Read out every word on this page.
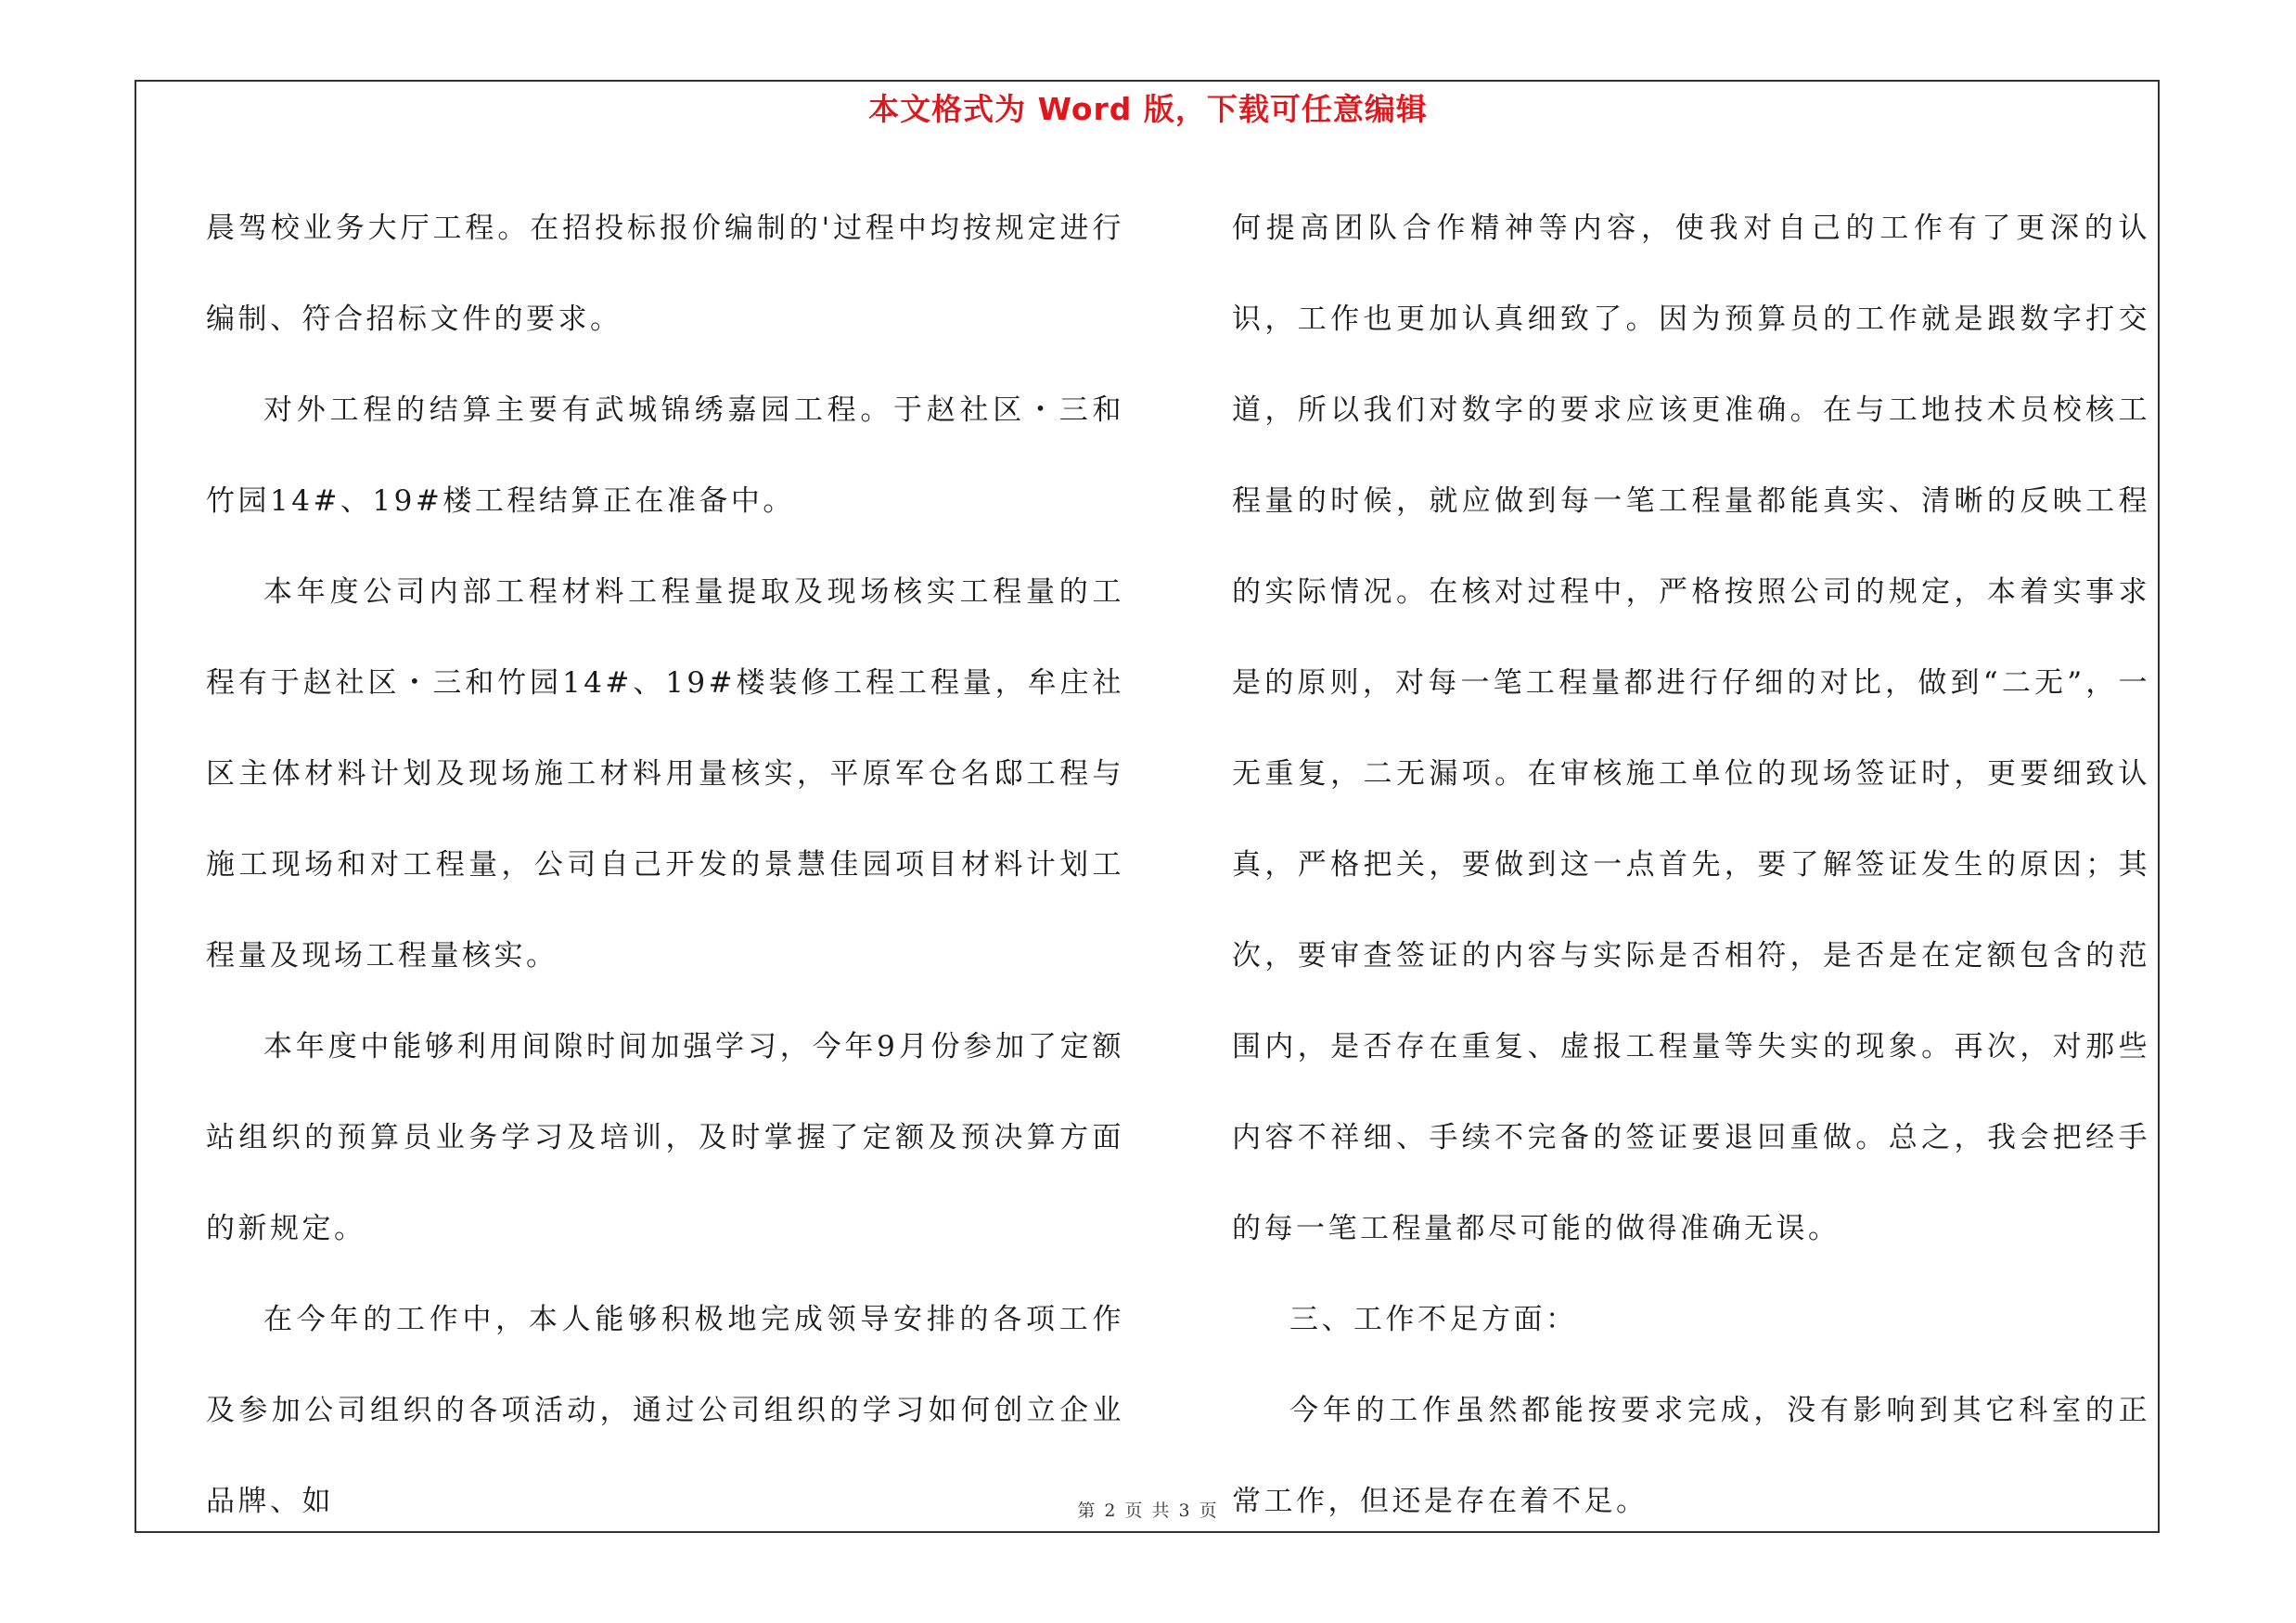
本文格式为 Word 版，下载可任意编辑

晨驾校业务大厅工程。在招投标报价编制的'过程中均按规定进行编制、符合招标文件的要求。

对外工程的结算主要有武城锦绣嘉园工程。于赵社区・三和竹园14#、19#楼工程结算正在准备中。

本年度公司内部工程材料工程量提取及现场核实工程量的工程有于赵社区・三和竹园14#、19#楼装修工程工程量，牟庄社区主体材料计划及现场施工材料用量核实，平原军仓名邸工程与施工现场和对工程量，公司自己开发的景慧佳园项目材料计划工程量及现场工程量核实。

本年度中能够利用间隙时间加强学习，今年9月份参加了定额站组织的预算员业务学习及培训，及时掌握了定额及预决算方面的新规定。

在今年的工作中，本人能够积极地完成领导安排的各项工作及参加公司组织的各项活动，通过公司组织的学习如何创立企业品牌、如

何提高团队合作精神等内容，使我对自己的工作有了更深的认识，工作也更加认真细致了。因为预算员的工作就是跟数字打交道，所以我们对数字的要求应该更准确。在与工地技术员校核工程量的时候，就应做到每一笔工程量都能真实、清晰的反映工程的实际情况。在核对过程中，严格按照公司的规定，本着实事求是的原则，对每一笔工程量都进行仔细的对比，做到“二无”，一无重复，二无漏项。在审核施工单位的现场签证时，更要细致认真，严格把关，要做到这一点首先，要了解签证发生的原因；其次，要审查签证的内容与实际是否相符，是否是在定额包含的范围内，是否存在重复、虚报工程量等失实的现象。再次，对那些内容不祥细、手续不完备的签证要退回重做。总之，我会把经手的每一笔工程量都尽可能的做得准确无误。

三、工作不足方面：

今年的工作虽然都能按要求完成，没有影响到其它科室的正常工作，但还是存在着不足。

第 2 页 共 3 页
